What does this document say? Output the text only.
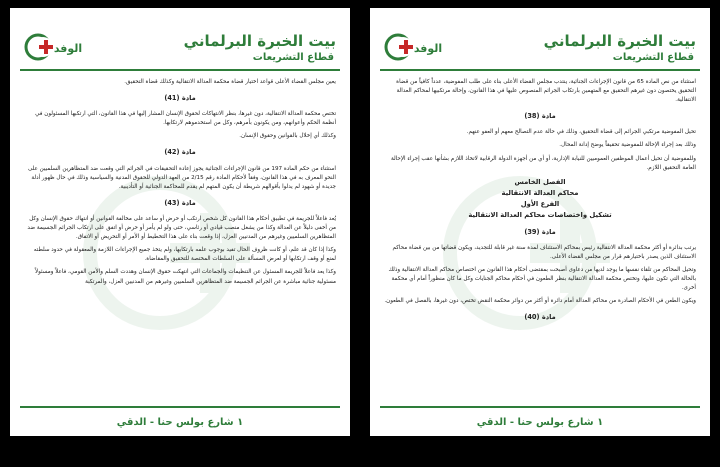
الوفد	بيت الخبرة البرلماني
قطاع التشريعات

يعين مجلس القضاء الأعلى قواعد اختيار قضاة محكمة العدالة الانتقالية وكذلك قضاة التحقيق.

مادة (41)

تختص محكمة العدالة الانتقالية، دون غيرها، بنظر الانتهاكات لحقوق الإنسان المشار إليها في هذا القانون، التي ارتكبها المسئولون في أنظمة الحكم وأعوانهم، ومن يكونون بأمرهم، وكل من استخدموهم لارتكابها.

وكذلك أي إخلال بالقوانين وحقوق الإنسان.

مادة (42)

استثناء من حكم المادة 197 من قانون الإجراءات الجنائية يجوز إعادة التحقيقات في الجرائم التي وقعت ضد المتظاهرين السلميين على النحو المعرف به في هذا القانون، وفقاً لأحكام المادة رقم 2/15 من العهد الدولي للحقوق المدنية والسياسية وذلك في حال ظهور أدلة جديدة أو شهود لم يدلوا بأقوالهم شريطة أن يكون المتهم لم يقدم للمحاكمة الجنائية أو التأديبية.

مادة (43)

يُعد فاعلاً للجريمة في تطبيق أحكام هذا القانون كل شخص ارتكب أو حرض أو ساعد على مخالفة القوانين أو انتهاك حقوق الإنسان وكل من أخفى دليلاً عن العدالة وكذا من يشغل منصب قيادي أو رئاسي، حتى ولو لم يأمر أو حرض أو اتفق على ارتكاب الجرائم الجسيمة ضد المتظاهرين السلميين وغيرهم من المدنيين العزل، إذا وقعت بناء على هذا التخطيط أو الأمر أو التحريض أو الاتفاق.

وكذا إذا كان قد علم، أو كانت ظروف الحال تفيد بوجوب علمه بارتكابها، ولم يتخذ جميع الإجراءات اللازمة والمعقولة في حدود سلطته لمنع أو وقف ارتكابها أو لعرض المسألة على السلطات المختصة للتحقيق والمقاضاة.

وكذا يعد فاعلاً للجريمة المسئول عن التنظيمات والجماعات التي انتهكت حقوق الإنسان وهددت السلم والأمن القومي، فاعلاً ومسئولاً مسئولية جنائية مباشرة عن الجرائم الجسيمة ضد المتظاهرين السلميين وغيرهم من المدنيين العزل، والمرتكبة

١ شارع بولس حنا - الدقي
الوفد	بيت الخبرة البرلماني
قطاع التشريعات

استثناء من نص المادة 65 من قانون الإجراءات الجنائية، ينتدب مجلس القضاء الأعلى بناء على طلب المفوضية، عدداً كافياً من قضاة التحقيق يختصون دون غيرهم التحقيق مع المتهمين بارتكاب الجرائم المنصوص عليها في هذا القانون، وإحالة مرتكبيها لمحاكم العدالة الانتقالية.

مادة (38)

تحيل المفوضية مرتكبي الجرائم إلى قضاة التحقيق، وذلك في حالة عدم التصالح معهم أو العفو عنهم.

وذلك بعد إجراء الإحالة للمفوضية تحقيقاً يوضح إدانة المحال.

وللمفوضية أن تحيل أعمال الموظفين العموميين للنيابة الإدارية، أو أي من أجهزة الدولة الرقابية لاتخاذ اللازم بشأنها عقب إجراء الإحالة العامة التحقيق اللازم.

الفصل الخامس
محاكم العدالة الانتقالية
الفرع الأول
تشكيل واختصاصات محاكم العدالة الانتقالية
مادة (39)

يرتب بدائرة أو أكثر محكمة العدالة الانتقالية رئيس بمحاكم الاستئناف لمدة سنة غير قابلة للتجديد، ويكون قضاتها من بين قضاة محاكم الاستئناف الذين يصدر باختيارهم قرار من مجلس القضاء الأعلى.

وتحيل المحاكم من تلقاء نفسها ما يوجد لديها من دعاوى أصبحت بمقتضى أحكام هذا القانون من اختصاص محاكم العدالة الانتقالية وذلك بالحالة التي تكون عليها، وتختص محكمة العدالة الانتقالية بنظر الطعون في أحكام محاكم الجنايات وكل ما كان منظوراً أمام أي محكمة أخرى.

ويكون الطعن في الأحكام الصادرة من محاكم العدالة أمام دائرة أو أكثر من دوائر محكمة النقض تختص، دون غيرها، بالفصل في الطعون.

مادة (40)
١ شارع بولس حنا - الدقي
